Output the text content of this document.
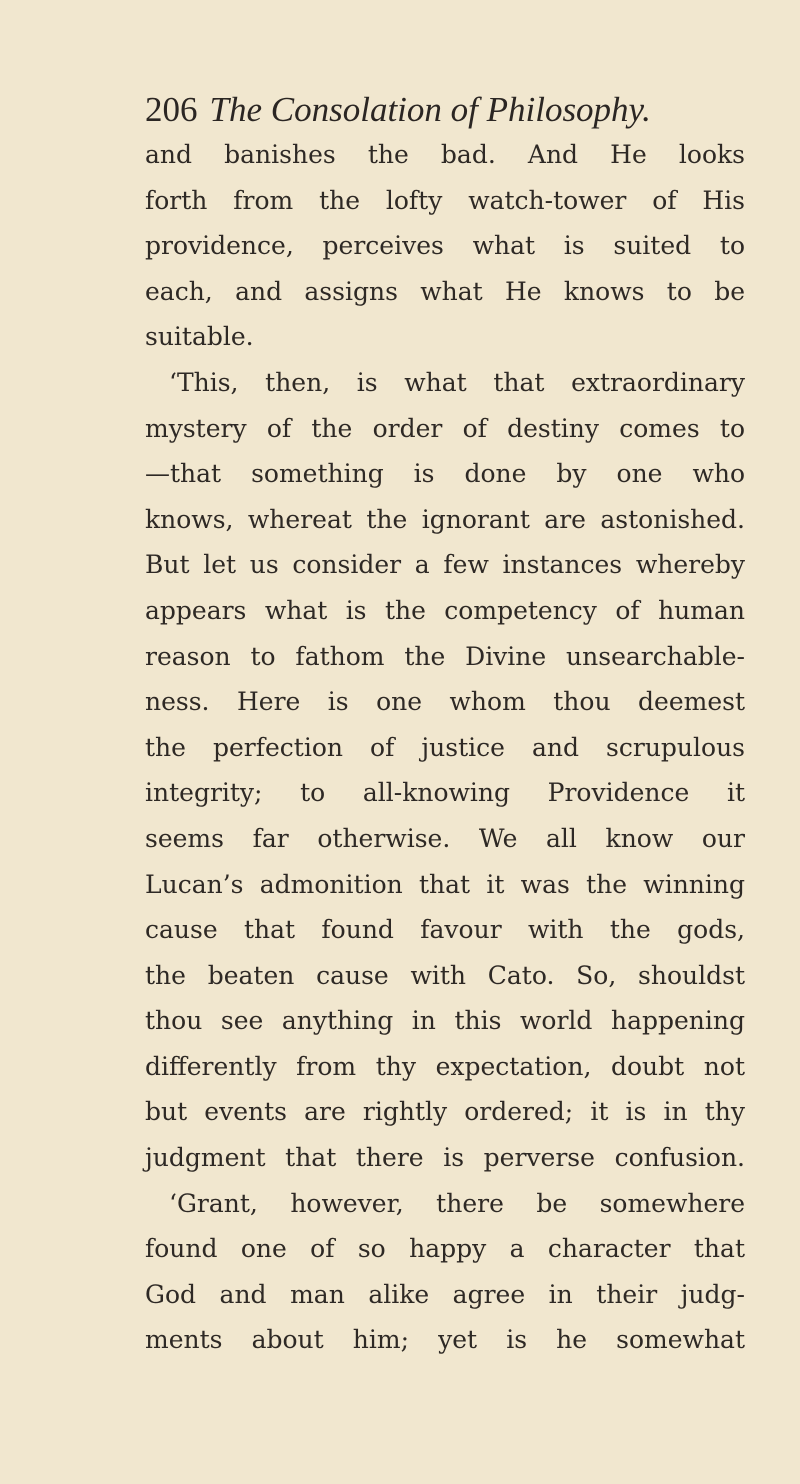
206 The Consolation of Philosophy.
and banishes the bad. And He looks
forth from the lofty watch-tower of His
providence, perceives what is suited to
each, and assigns what He knows to be
suitable.
‘This, then, is what that extraordinary
mystery of the order of destiny comes to
—that something is done by one who
knows, whereat the ignorant are astonished.
But let us consider a few instances whereby
appears what is the competency of human
reason to fathom the Divine unsearchable-
ness. Here is one whom thou deemest
the perfection of justice and scrupulous
integrity; to all-knowing Providence it
seems far otherwise. We all know our
Lucan’s admonition that it was the winning
cause that found favour with the gods,
the beaten cause with Cato. So, shouldst
thou see anything in this world happening
differently from thy expectation, doubt not
but events are rightly ordered; it is in thy
judgment that there is perverse confusion.
‘Grant, however, there be somewhere
found one of so happy a character that
God and man alike agree in their judg-
ments about him; yet is he somewhat
